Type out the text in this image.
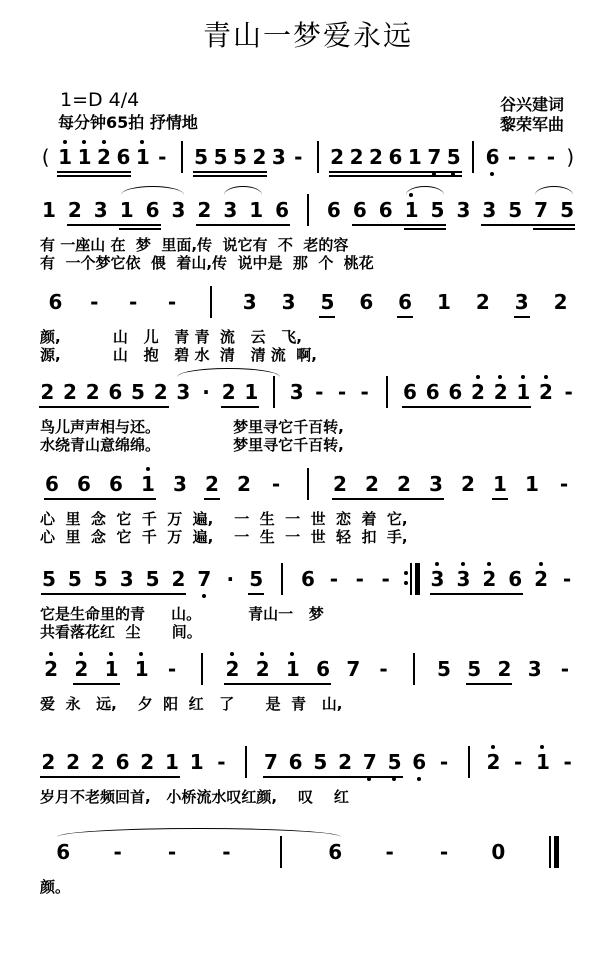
青山一梦爱永远
1=D 4/4
每分钟65拍 抒情地
谷兴建词
黎荣军曲
( 1 1 2 6 1 - 5 5 5 2 3 - 2 2 2 6 1 7 5 6 - - - )
1 2 3 1 6 3 2 3 1 6 6 6 6 1 5 3 3 5 7 5
有 一座山 在  梦  里面,传  说它有  不  老的容
有  一个梦它依  偎  着山,传  说中是  那  个  桃花
6 - - -	3 3 5 6 6 1 2 3 2
颜,          山   儿   青 青  流   云   飞,
源,          山   抱   碧 水  清   清 流  啊,
2 2 2 6 5 2 3 · 2 1 3 - - - 6 6 6 2 2 1 2 -
鸟儿声声相与还。              梦里寻它千百转,
水绕青山意绵绵。              梦里寻它千百转,
6 6 6 1 3 2 2 -	2 2 2 3 2 1 1 -
心  里  念  它  千  万  遍,    一  生  一  世  恋  着  它,
心  里  念  它  千  万  遍,    一  生  一  世  轻  扣  手,
5 5 5 3 5 2 7 · 5 6 - - - 3 3 2 6 2 -
它是生命里的青     山。         青山一   梦
共看落花红  尘      间。
2 2 1 1 - 2 2 1 6 7 - 5 5 2 3 -
爱  永   远,    夕  阳  红   了      是  青   山,
2 2 2 6 2 1 1 - 7 6 5 2 7 5 6 - 2 - 1 -
岁月不老频回首,   小桥流水叹红颜,    叹    红
6 - - -	6 - - 0
颜。
